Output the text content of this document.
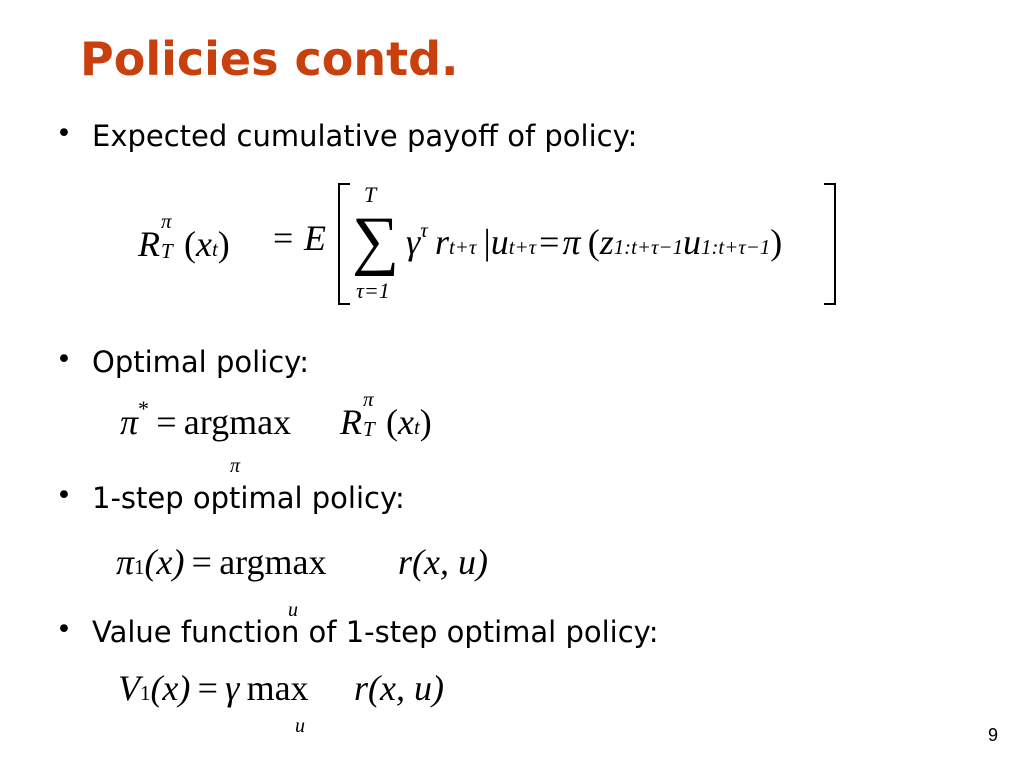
Policies contd.
• Expected cumulative payoff of policy:
R
π
T (xt) = E
T
∑
τ=1
$\gamma^\tau$  rt+τ  |ut+τ = π  (z1:t+τ−1u1:t+τ−1)
• Optimal policy:
π*  =  argmax
π
R
π
T (xt)
• 1-step optimal policy:
π1(x)  =  argmax
u
r(x, u)
• Value function of 1-step optimal policy:
V1(x)  =  γ  max
u
r(x, u)
9
